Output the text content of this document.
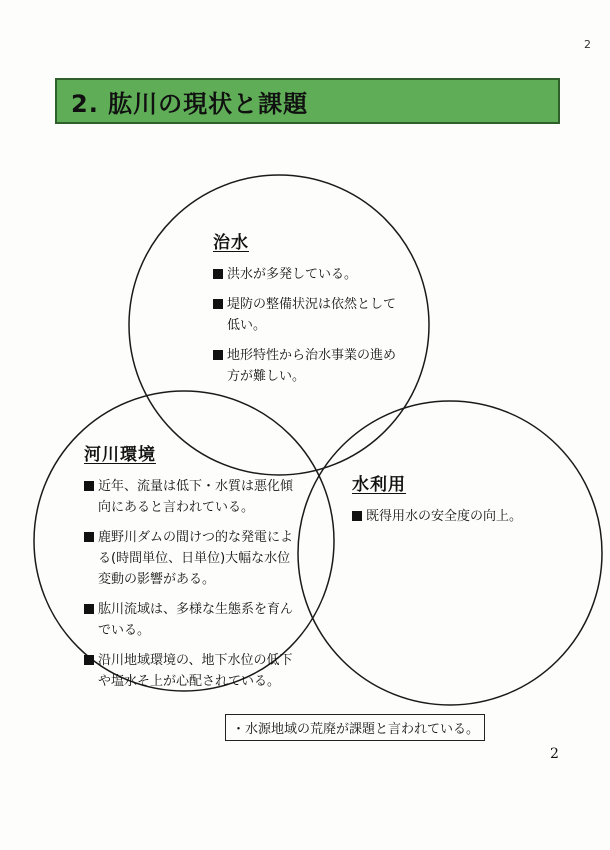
2
2. 肱川の現状と課題
治水
洪水が多発している。
堤防の整備状況は依然として低い。
地形特性から治水事業の進め方が難しい。
河川環境
近年、流量は低下・水質は悪化傾向にあると言われている。
鹿野川ダムの間けつ的な発電による(時間単位、日単位)大幅な水位変動の影響がある。
肱川流域は、多様な生態系を育んでいる。
沿川地域環境の、地下水位の低下や塩水そ上が心配されている。
水利用
既得用水の安全度の向上。
・水源地域の荒廃が課題と言われている。
2
